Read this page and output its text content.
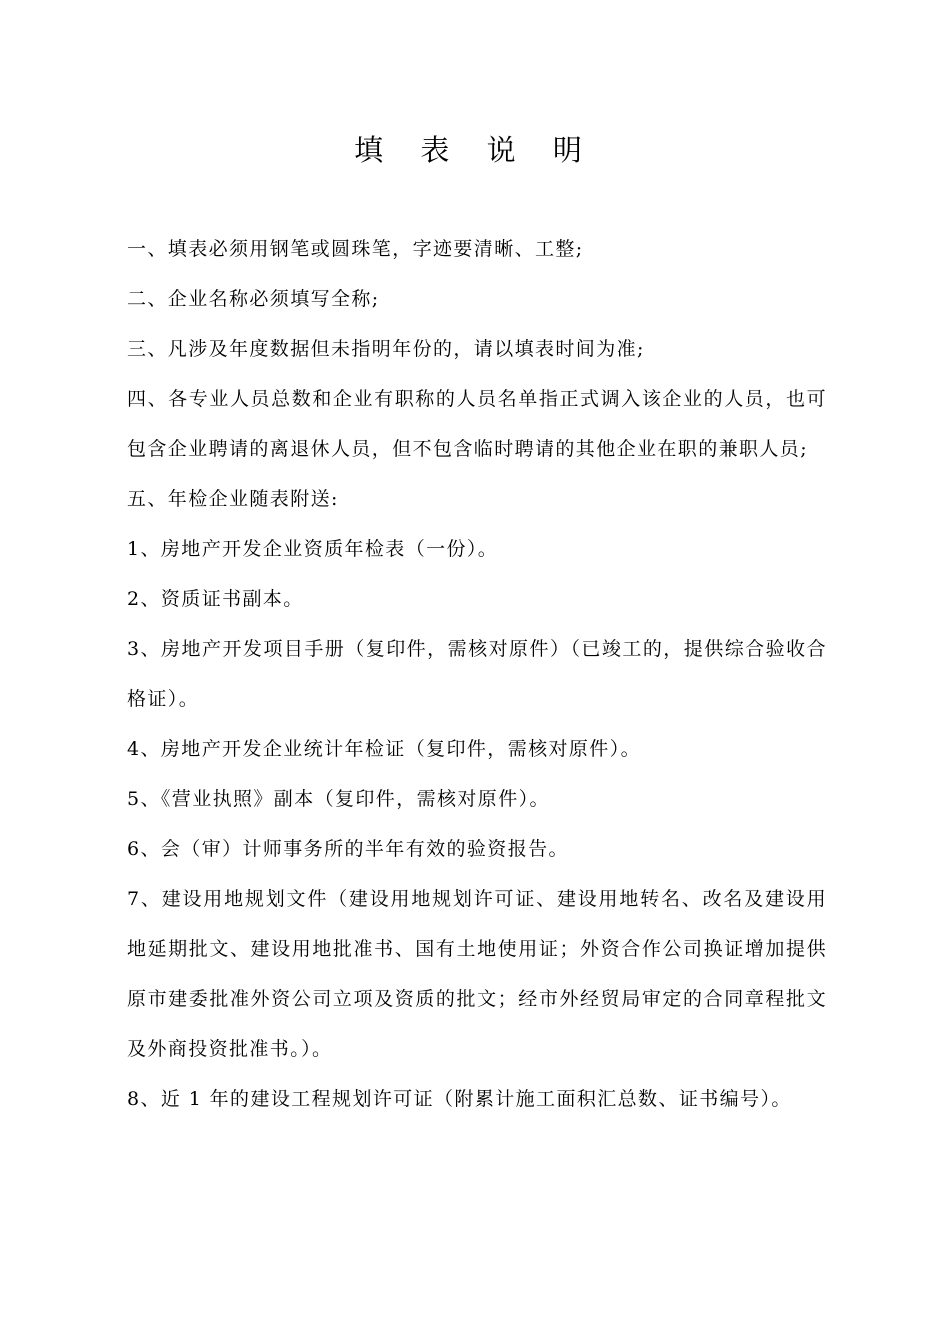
填 表 说 明

一、填表必须用钢笔或圆珠笔，字迹要清晰、工整;

二、企业名称必须填写全称;

三、凡涉及年度数据但未指明年份的，请以填表时间为准;

四、各专业人员总数和企业有职称的人员名单指正式调入该企业的人员，也可包含企业聘请的离退休人员，但不包含临时聘请的其他企业在职的兼职人员;

五、年检企业随表附送:

1、房地产开发企业资质年检表（一份）。

2、资质证书副本。

3、房地产开发项目手册（复印件，需核对原件）（已竣工的，提供综合验收合格证）。

4、房地产开发企业统计年检证（复印件，需核对原件）。

5、《营业执照》副本（复印件，需核对原件）。

6、会（审）计师事务所的半年有效的验资报告。

7、建设用地规划文件（建设用地规划许可证、建设用地转名、改名及建设用地延期批文、建设用地批准书、国有土地使用证；外资合作公司换证增加提供原市建委批准外资公司立项及资质的批文；经市外经贸局审定的合同章程批文及外商投资批准书。）。

8、近 1 年的建设工程规划许可证（附累计施工面积汇总数、证书编号）。
